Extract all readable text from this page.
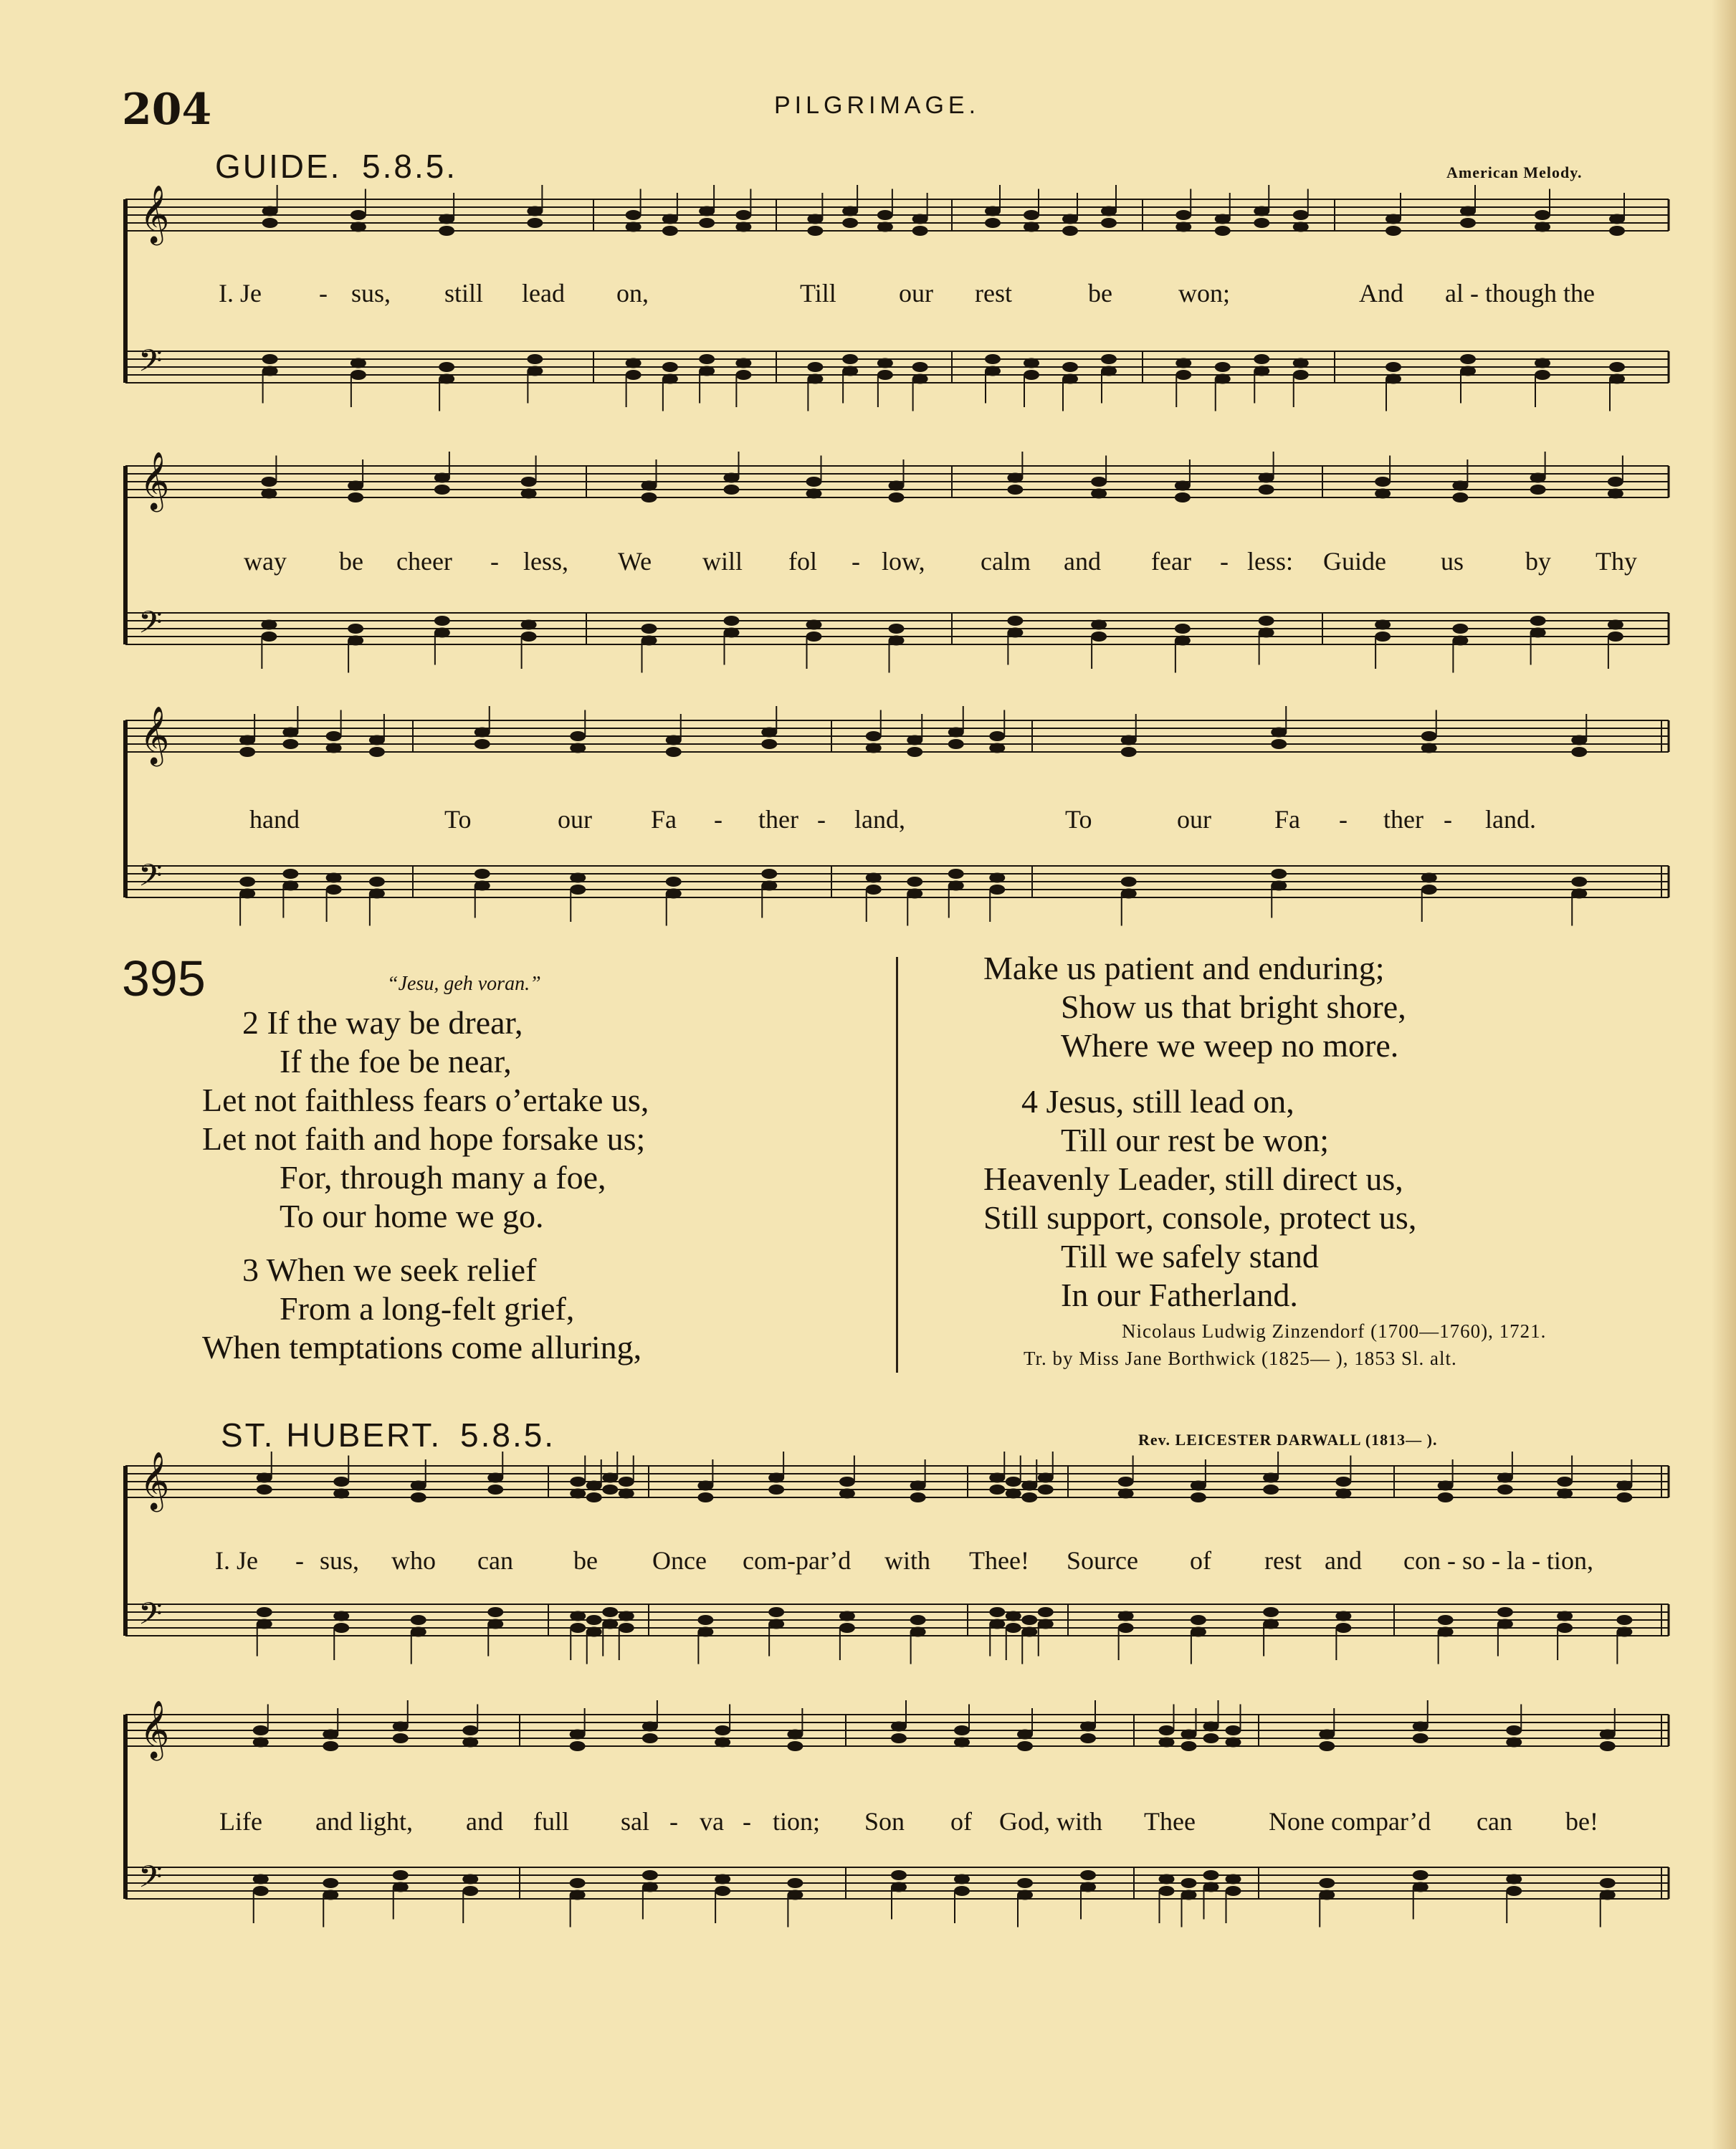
204	PILGRIMAGE.
GUIDE. 5.8.5.	American Melody.
𝄞
𝄢
𝄞
𝄢
𝄞
𝄢
𝄞
𝄢
𝄞
𝄢
I. Je - sus, still lead on,	Till our rest	be	won;	And al - though the
way be cheer - less, We will fol - low, calm and fear - less: Guide us by Thy
hand	To	our Fa - ther - land,	To	our Fa - ther - land.
395	“Jesu, geh voran.”
2 If the way be drear,
If the foe be near,
Let not faithless fears o’ertake us,
Let not faith and hope forsake us;
For, through many a foe,
To our home we go.
3 When we seek relief
From a long-felt grief,
When temptations come alluring,
Make us patient and enduring;
Show us that bright shore,
Where we weep no more.
4 Jesus, still lead on,
Till our rest be won;
Heavenly Leader, still direct us,
Still support, console, protect us,
Till we safely stand
In our Fatherland.
Nicolaus Ludwig Zinzendorf (1700—1760), 1721.
Tr. by Miss Jane Borthwick (1825— ), 1853 Sl. alt.
ST. HUBERT. 5.8.5.	Rev. LEICESTER DARWALL (1813— ).
I. Je - sus, who can be Once com-par’d with Thee! Source of rest and con - so - la - tion,
Life and light, and full sal - va - tion; Son of God, with Thee	None compar’d can be!
